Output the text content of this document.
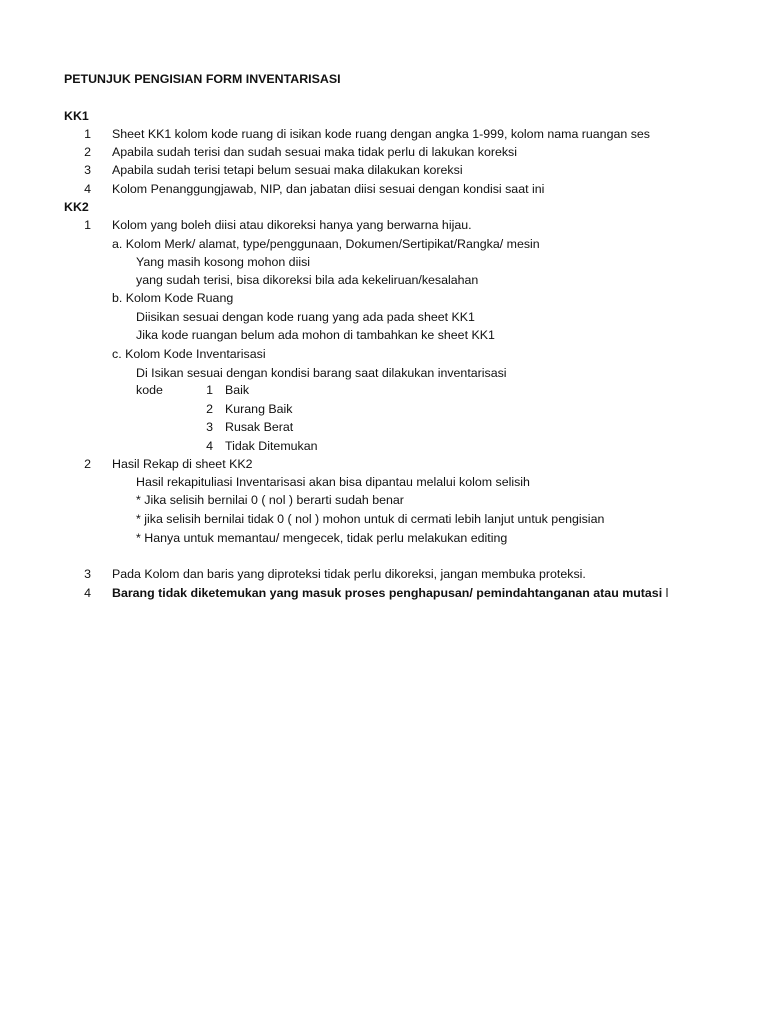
PETUNJUK PENGISIAN FORM INVENTARISASI
KK1
1 Sheet KK1 kolom kode ruang di isikan kode ruang dengan angka 1-999, kolom nama ruangan ses
2 Apabila sudah terisi dan sudah sesuai maka tidak perlu di lakukan koreksi
3 Apabila sudah terisi tetapi belum sesuai maka dilakukan koreksi
4 Kolom Penanggungjawab, NIP, dan jabatan diisi sesuai dengan kondisi saat ini
KK2
1 Kolom yang boleh diisi atau dikoreksi hanya yang berwarna hijau.
a. Kolom Merk/ alamat, type/penggunaan, Dokumen/Sertipikat/Rangka/ mesin
Yang masih kosong mohon diisi
yang sudah terisi, bisa dikoreksi bila ada kekeliruan/kesalahan
b. Kolom Kode Ruang
Diisikan sesuai dengan kode ruang yang ada pada sheet KK1
Jika kode ruangan belum ada mohon di tambahkan ke sheet KK1
c. Kolom Kode Inventarisasi
Di Isikan sesuai dengan kondisi barang saat dilakukan inventarisasi
kode	1 Baik
2 Kurang Baik
3 Rusak Berat
4 Tidak Ditemukan
2 Hasil Rekap di sheet KK2
Hasil rekapituliasi Inventarisasi akan bisa dipantau melalui kolom selisih
* Jika selisih bernilai 0 ( nol ) berarti sudah benar
* jika selisih bernilai tidak 0 ( nol ) mohon untuk di cermati lebih lanjut untuk pengisian
* Hanya untuk memantau/ mengecek, tidak perlu melakukan editing
3 Pada Kolom dan baris yang diproteksi tidak perlu dikoreksi, jangan membuka proteksi.
4 Barang tidak diketemukan yang masuk proses penghapusan/ pemindahtanganan atau mutasi l
